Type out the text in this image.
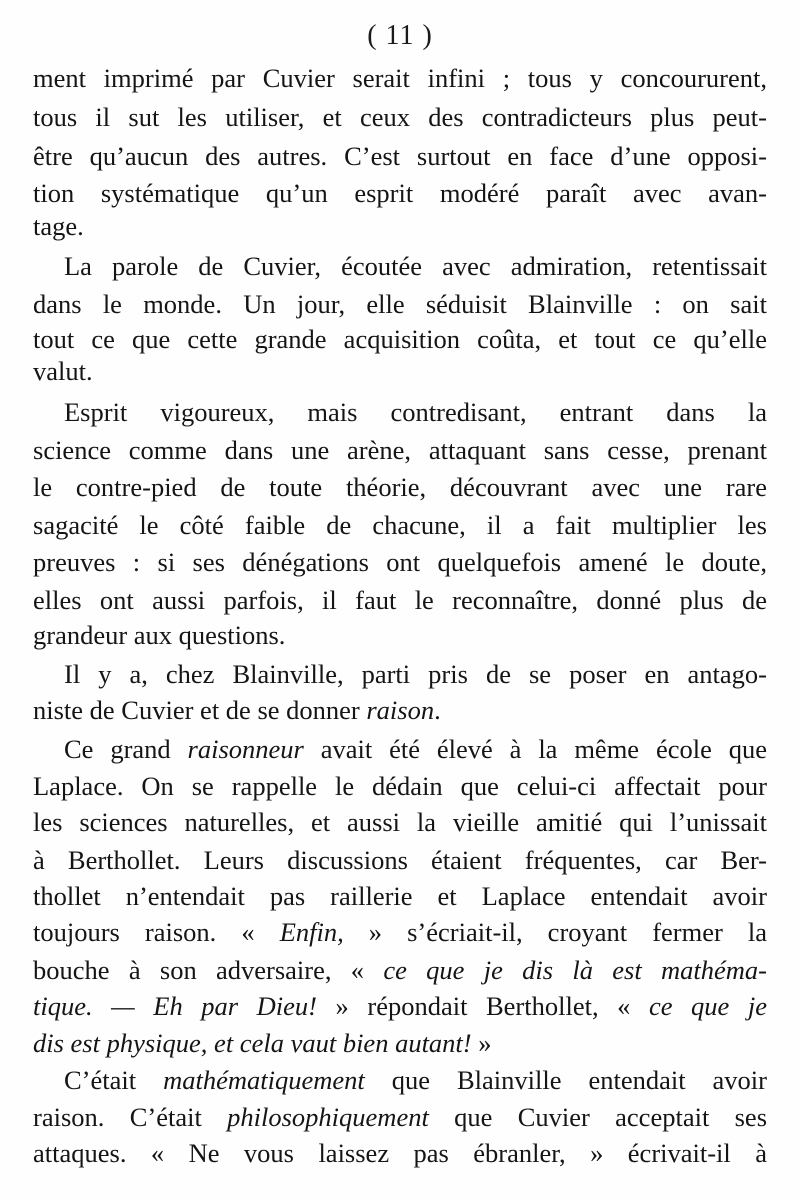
( 11 )
ment imprimé par Cuvier serait infini ; tous y concoururent,
tous il sut les utiliser, et ceux des contradicteurs plus peut-
être qu’aucun des autres. C’est surtout en face d’une opposi-
tion systématique qu’un esprit modéré paraît avec avan-
tage.
La parole de Cuvier, écoutée avec admiration, retentissait
dans le monde. Un jour, elle séduisit Blainville : on sait
tout ce que cette grande acquisition coûta, et tout ce qu’elle
valut.
Esprit vigoureux, mais contredisant, entrant dans la
science comme dans une arène, attaquant sans cesse, prenant
le contre-pied de toute théorie, découvrant avec une rare
sagacité le côté faible de chacune, il a fait multiplier les
preuves : si ses dénégations ont quelquefois amené le doute,
elles ont aussi parfois, il faut le reconnaître, donné plus de
grandeur aux questions.
Il y a, chez Blainville, parti pris de se poser en antago-
niste de Cuvier et de se donner raison.
Ce grand raisonneur avait été élevé à la même école que
Laplace. On se rappelle le dédain que celui-ci affectait pour
les sciences naturelles, et aussi la vieille amitié qui l’unissait
à Berthollet. Leurs discussions étaient fréquentes, car Ber-
thollet n’entendait pas raillerie et Laplace entendait avoir
toujours raison. « Enfin, » s’écriait-il, croyant fermer la
bouche à son adversaire, « ce que je dis là est mathéma-
tique. — Eh par Dieu! » répondait Berthollet, « ce que je
dis est physique, et cela vaut bien autant! »
C’était mathématiquement que Blainville entendait avoir
raison. C’était philosophiquement que Cuvier acceptait ses
attaques. « Ne vous laissez pas ébranler, » écrivait-il à
